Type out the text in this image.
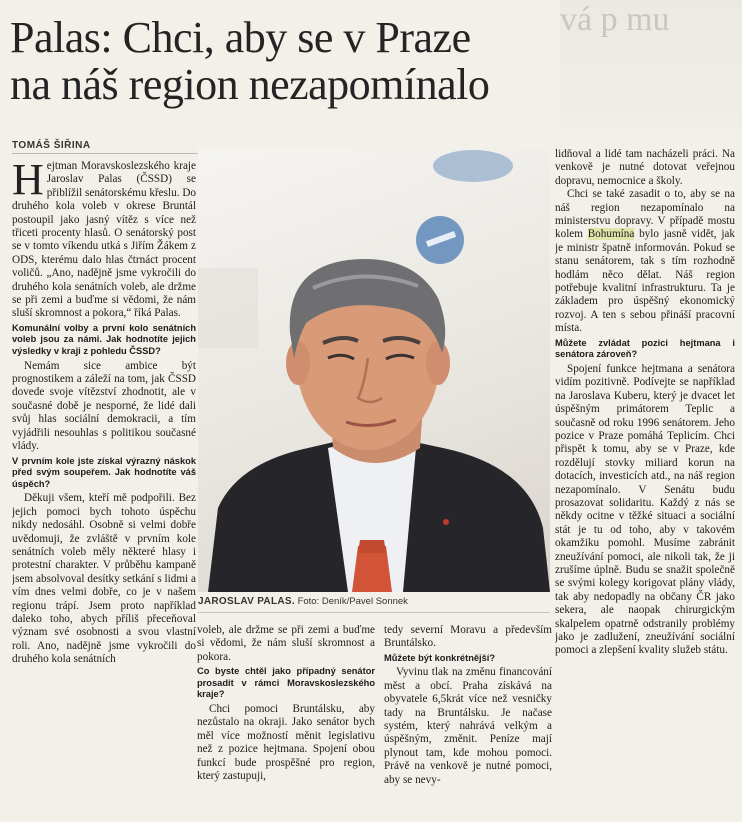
vá p mu
Palas: Chci, aby se v Praze
na náš region nezapomínalo
TOMÁŠ ŠIŘINA

Hejtman Moravskoslezského kraje Jaroslav Palas (ČSSD) se přiblížil senátorskému křeslu. Do druhého kola voleb v okrese Bruntál postoupil jako jasný vítěz s více než třiceti procenty hlasů. O senátorský post se v tomto víkendu utká s Jiřím Žákem z ODS, kterému dalo hlas čtrnáct procent voličů. „Ano, nadějně jsme vykročili do druhého kola senátních voleb, ale držme se při zemi a buďme si vědomi, že nám sluší skromnost a pokora,“ říká Palas.

Komunální volby a první kolo senátních voleb jsou za námi. Jak hodnotíte jejich výsledky v kraji z pohledu ČSSD?

Nemám sice ambice být prognostikem a záleží na tom, jak ČSSD dovede svoje vítězství zhodnotit, ale v současné době je nesporné, že lidé dali svůj hlas sociální demokracii, a tím vyjádřili nesouhlas s politikou současné vlády.

V prvním kole jste získal výrazný náskok před svým soupeřem. Jak hodnotíte váš úspěch?

Děkuji všem, kteří mě podpořili. Bez jejich pomoci bych tohoto úspěchu nikdy nedosáhl. Osobně si velmi dobře uvědomuji, že zvláště v prvním kole senátních voleb měly některé hlasy i protestní charakter. V průběhu kampaně jsem absolvoval desítky setkání s lidmi a vím dnes velmi dobře, co je v našem regionu trápí. Jsem proto například daleko toho, abych příliš přeceňoval význam své osobnosti a svou vlastní roli. Ano, nadějně jsme vykročili do druhého kola senátních

JAROSLAV PALAS. Foto: Deník/Pavel Sonnek

voleb, ale držme se při zemi a buďme si vědomi, že nám sluší skromnost a pokora.

Co byste chtěl jako případný senátor prosadit v rámci Moravskoslezského kraje?

Chci pomoci Bruntálsku, aby nezůstalo na okraji. Jako senátor bych měl více možností měnit legislativu než z pozice hejtmana. Spojení obou funkcí bude prospěšné pro region, který zastupuji,

tedy severní Moravu a především Bruntálsko.

Můžete být konkrétnější?

Vyvinu tlak na změnu financování měst a obcí. Praha získává na obyvatele 6,5krát více než vesničky tady na Bruntálsku. Je načase systém, který nahrává velkým a úspěšným, změnit. Peníze mají plynout tam, kde mohou pomoci. Právě na venkově je nutné pomoci, aby se nevy-

lidňoval a lidé tam nacházeli práci. Na venkově je nutné dotovat veřejnou dopravu, nemocnice a školy.

Chci se také zasadit o to, aby se na náš region nezapomínalo na ministerstvu dopravy. V případě mostu kolem Bohumína bylo jasně vidět, jak je ministr špatně informován. Pokud se stanu senátorem, tak s tím rozhodně hodlám něco dělat. Náš region potřebuje kvalitní infrastrukturu. Ta je základem pro úspěšný ekonomický rozvoj. A ten s sebou přináší pracovní místa.

Můžete zvládat pozici hejtmana i senátora zároveň?

Spojení funkce hejtmana a senátora vidím pozitivně. Podívejte se například na Jaroslava Kuberu, který je dvacet let úspěšným primátorem Teplic a současně od roku 1996 senátorem. Jeho pozice v Praze pomáhá Teplicím. Chci přispět k tomu, aby se v Praze, kde rozdělují stovky miliard korun na dotacích, investicích atd., na náš region nezapomínalo. V Senátu budu prosazovat solidaritu. Každý z nás se někdy ocitne v těžké situaci a sociální stát je tu od toho, aby v takovém okamžiku pomohl. Musíme zabránit zneužívání pomoci, ale nikoli tak, že ji zrušíme úplně. Budu se snažit společně se svými kolegy korigovat plány vlády, tak aby nedopadly na občany ČR jako sekera, ale naopak chirurgickým skalpelem opatrně odstranily problémy jako je zadlužení, zneužívání sociální pomoci a zlepšení kvality služeb státu.
